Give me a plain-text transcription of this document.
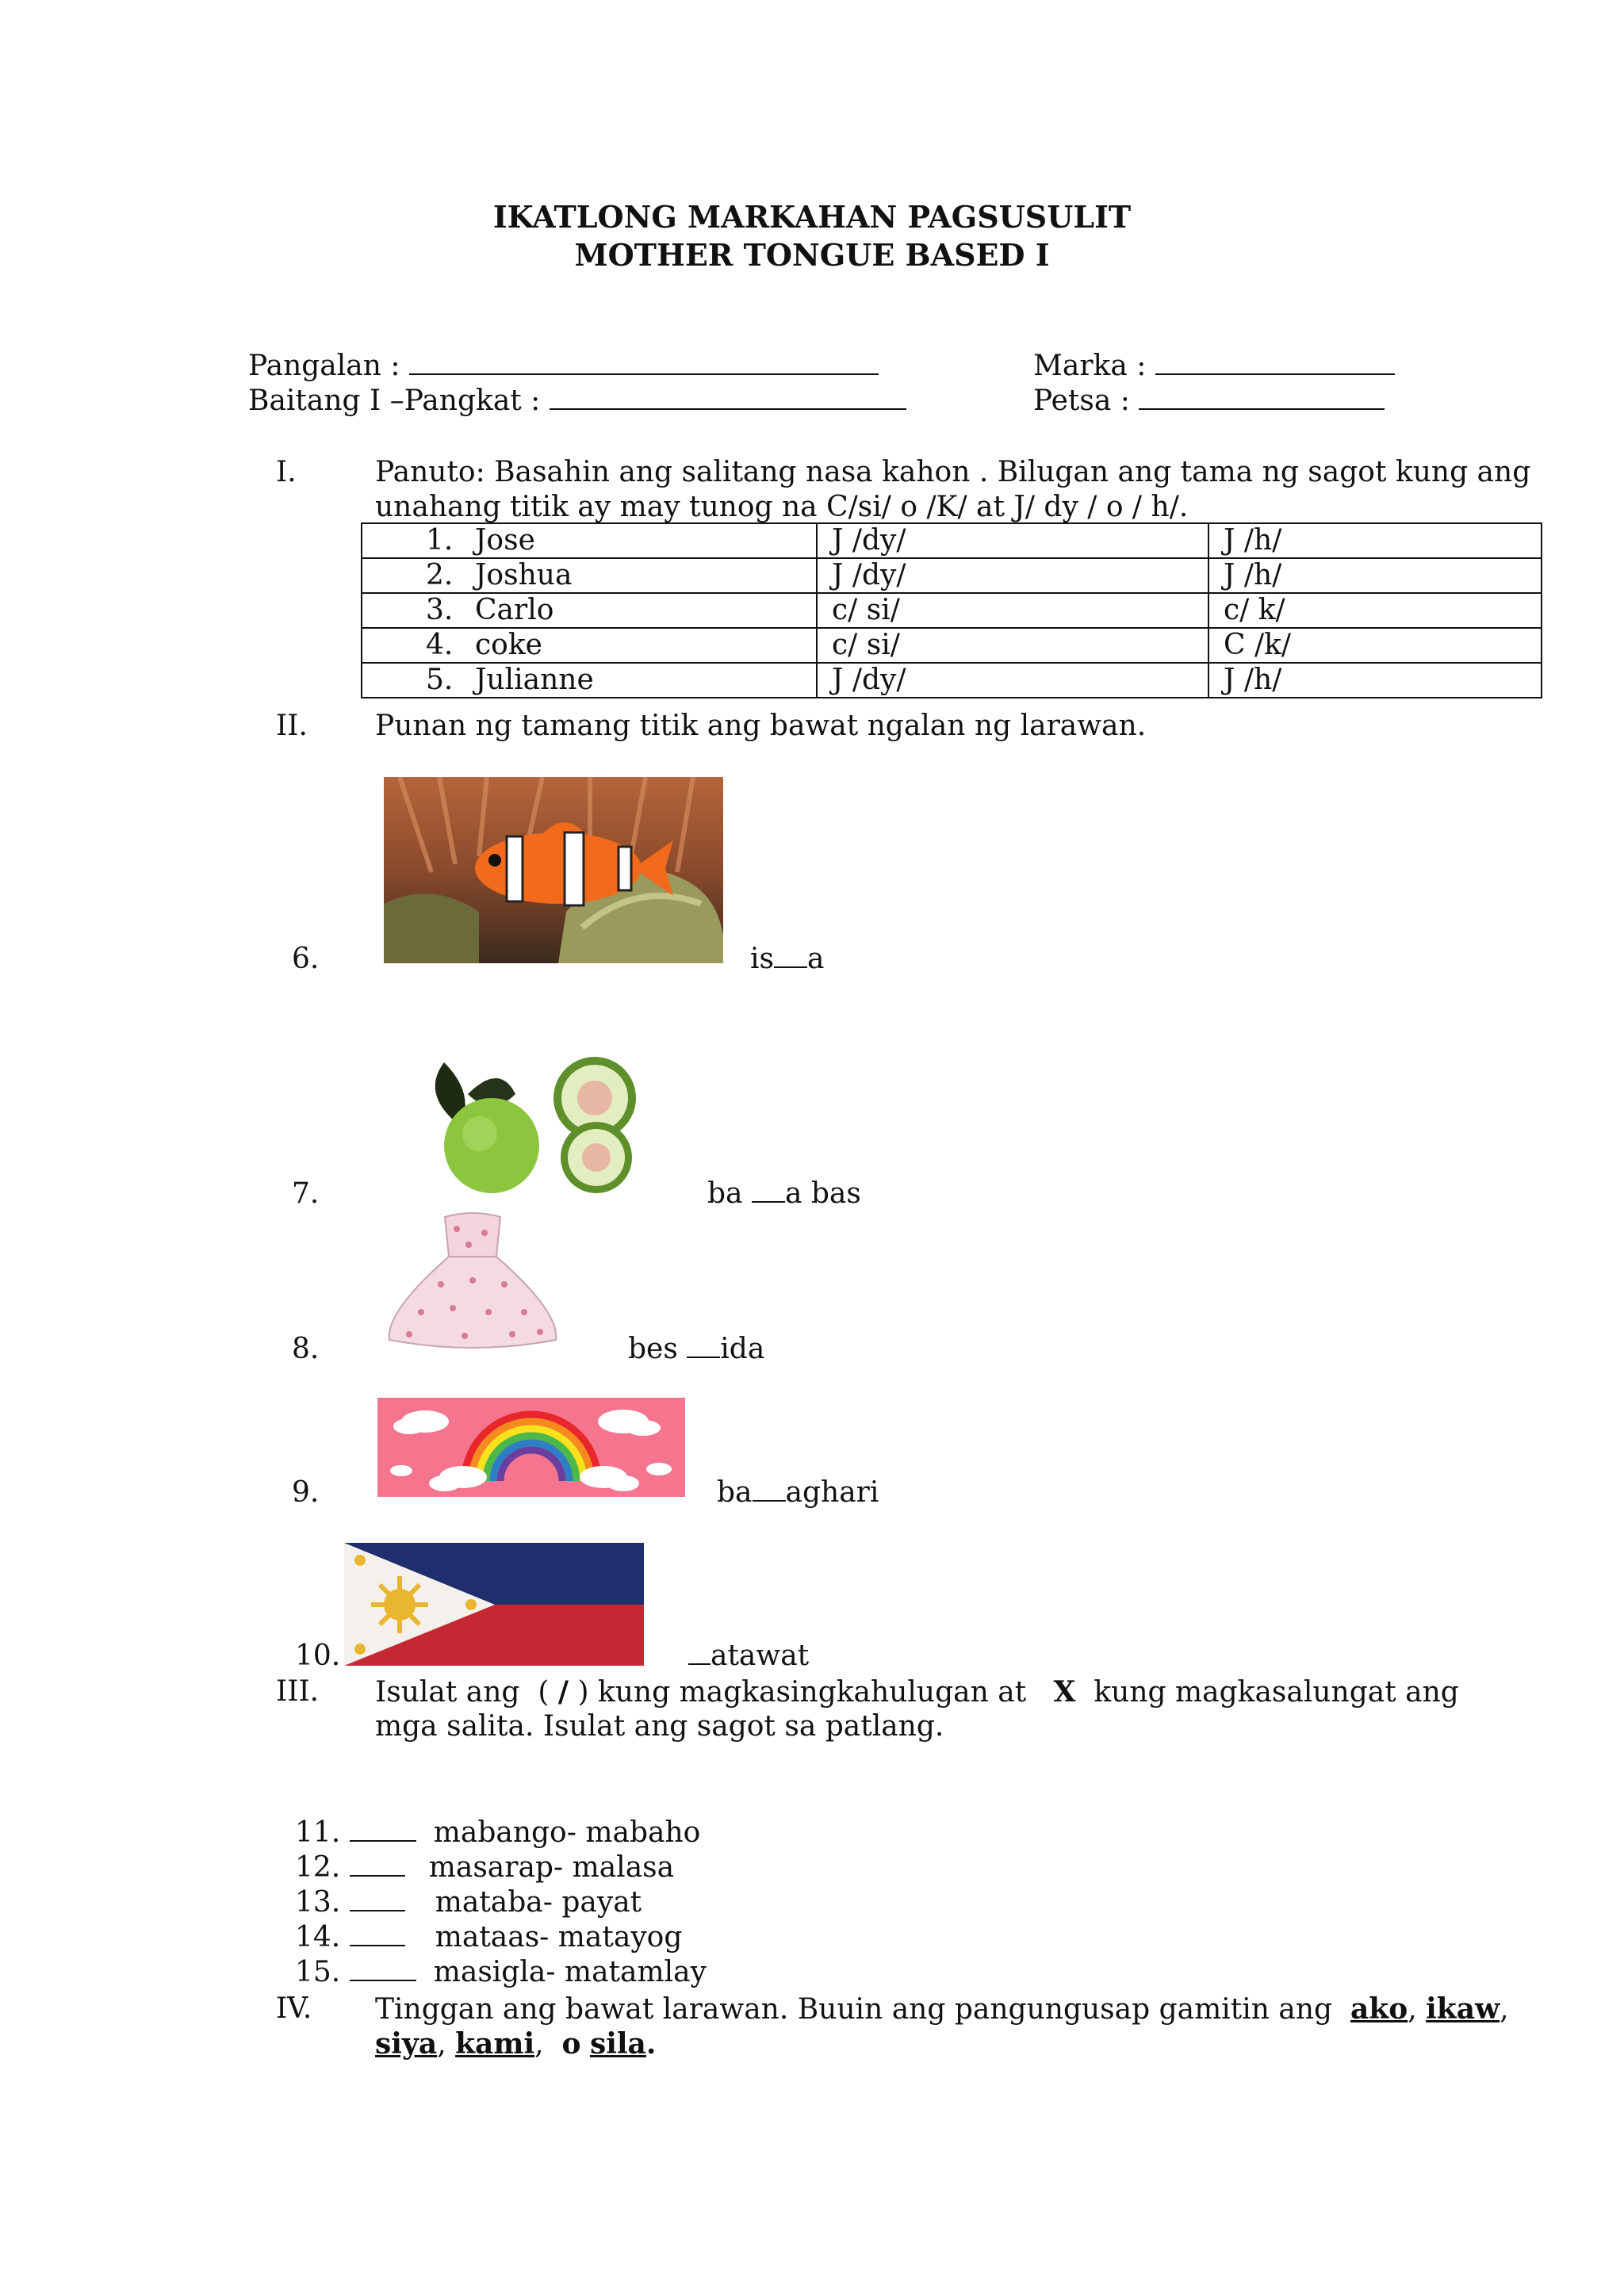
IKATLONG MARKAHAN PAGSUSULIT
MOTHER TONGUE BASED I
Pangalan :
Baitang I –Pangkat :
Marka :
Petsa :
I.	Panuto: Basahin ang salitang nasa kahon . Bilugan ang tama ng sagot kung ang
unahang titik ay may tunog na C/si/ o /K/ at J/ dy / o / h/.
1. Jose	J /dy/	J /h/
2. Joshua	J /dy/	J /h/
3. Carlo	c/ si/	c/ k/
4. coke	c/ si/	C /k/
5. Julianne	J /dy/	J /h/
II. Punan ng tamang titik ang bawat ngalan ng larawan.
6.	is a
7.	ba a bas
8.	bes ida
9.	ba aghari
10.	atawat
III. Isulat ang  ( / ) kung magkasingkahulugan at   X  kung magkasalungat ang
mga salita. Isulat ang sagot sa patlang.
11.	mabango- mabaho
12.	masarap- malasa
13.	mataba- payat
14.	mataas- matayog
15.	masigla- matamlay
IV. Tinggan ang bawat larawan. Buuin ang pangungusap gamitin ang  ako, ikaw,
siya, kami,  o sila.
